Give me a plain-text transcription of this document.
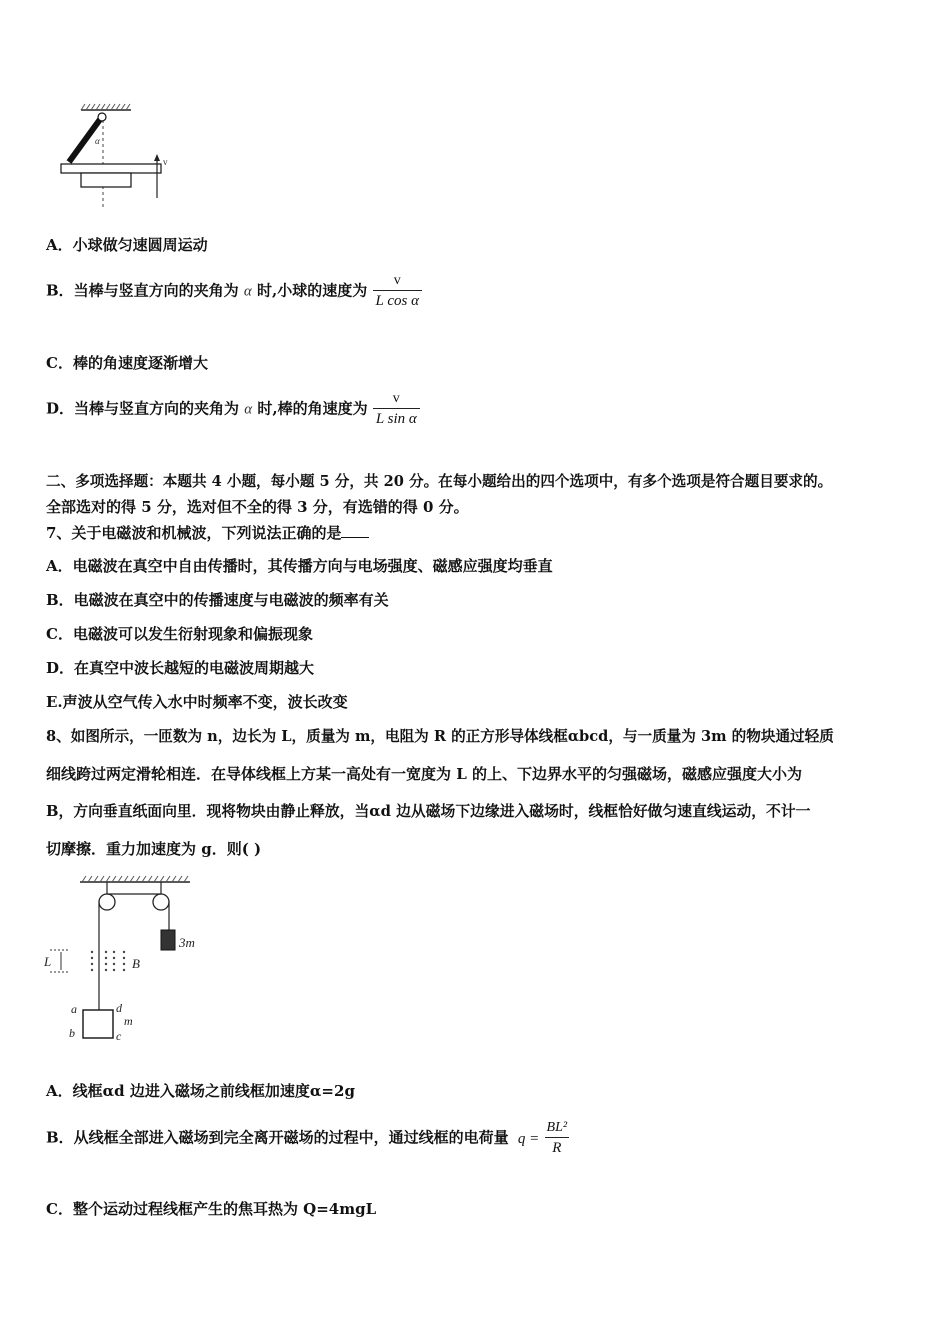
α
v
A．小球做匀速圆周运动
B．当棒与竖直方向的夹角为 α 时,小球的速度为 $\frac{v}{\text{L cos α}}$
C．棒的角速度逐渐增大
D．当棒与竖直方向的夹角为 α 时,棒的角速度为 $\frac{v}{\text{L sin α}}$
二、多项选择题：本题共 4 小题，每小题 5 分，共 20 分。在每小题给出的四个选项中，有多个选项是符合题目要求的。
全部选对的得 5 分，选对但不全的得 3 分，有选错的得 0 分。
7、关于电磁波和机械波，下列说法正确的是
A．电磁波在真空中自由传播时，其传播方向与电场强度、磁感应强度均垂直
B．电磁波在真空中的传播速度与电磁波的频率有关
C．电磁波可以发生衍射现象和偏振现象
D．在真空中波长越短的电磁波周期越大
E.声波从空气传入水中时频率不变，波长改变
8、如图所示，一匝数为 n，边长为 L，质量为 m，电阻为 R 的正方形导体线框αbcd，与一质量为 3m 的物块通过轻质
细线跨过两定滑轮相连．在导体线框上方某一高处有一宽度为 L 的上、下边界水平的匀强磁场，磁感应强度大小为
B，方向垂直纸面向里．现将物块由静止释放，当αd 边从磁场下边缘进入磁场时，线框恰好做匀速直线运动，不计一
切摩擦．重力加速度为 g．则( )
3m
L	B
a
b	c
d
m
A．线框αd 边进入磁场之前线框加速度α=2g
B．从线框全部进入磁场到完全离开磁场的过程中，通过线框的电荷量 $q = \frac{\text{BL²}}{R}$
C．整个运动过程线框产生的焦耳热为 Q=4mgL
